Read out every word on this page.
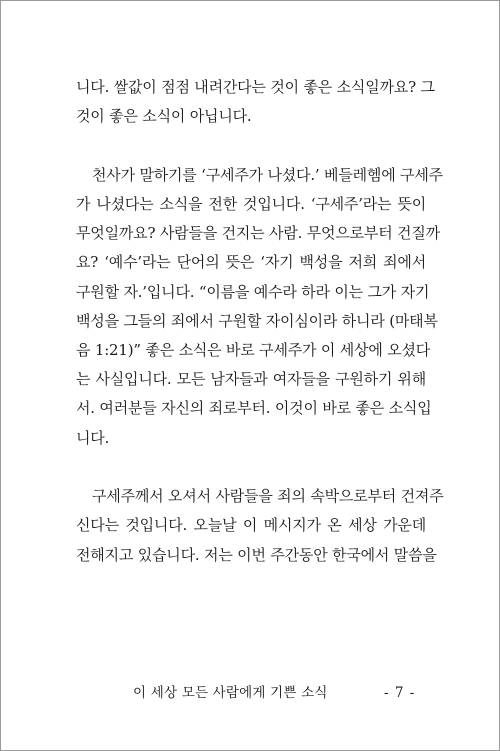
니다. 쌀값이 점점 내려간다는 것이 좋은 소식일까요? 그
것이 좋은 소식이 아닙니다.

천사가 말하기를 ‘구세주가 나셨다.’ 베들레헴에 구세주
가 나셨다는 소식을 전한 것입니다. ‘구세주’라는 뜻이
무엇일까요? 사람들을 건지는 사람. 무엇으로부터 건질까
요? ‘예수’라는 단어의 뜻은 ‘자기 백성을 저희 죄에서
구원할 자.’입니다. “이름을 예수라 하라 이는 그가 자기
백성을 그들의 죄에서 구원할 자이심이라 하니라 (마태복
음 1:21)” 좋은 소식은 바로 구세주가 이 세상에 오셨다
는 사실입니다. 모든 남자들과 여자들을 구원하기 위해
서. 여러분들 자신의 죄로부터. 이것이 바로 좋은 소식입
니다.

구세주께서 오셔서 사람들을 죄의 속박으로부터 건져주
신다는 것입니다. 오늘날 이 메시지가 온 세상 가운데
전해지고 있습니다. 저는 이번 주간동안 한국에서 말씀을

이 세상 모든 사람에게 기쁜 소식	- 7 -
